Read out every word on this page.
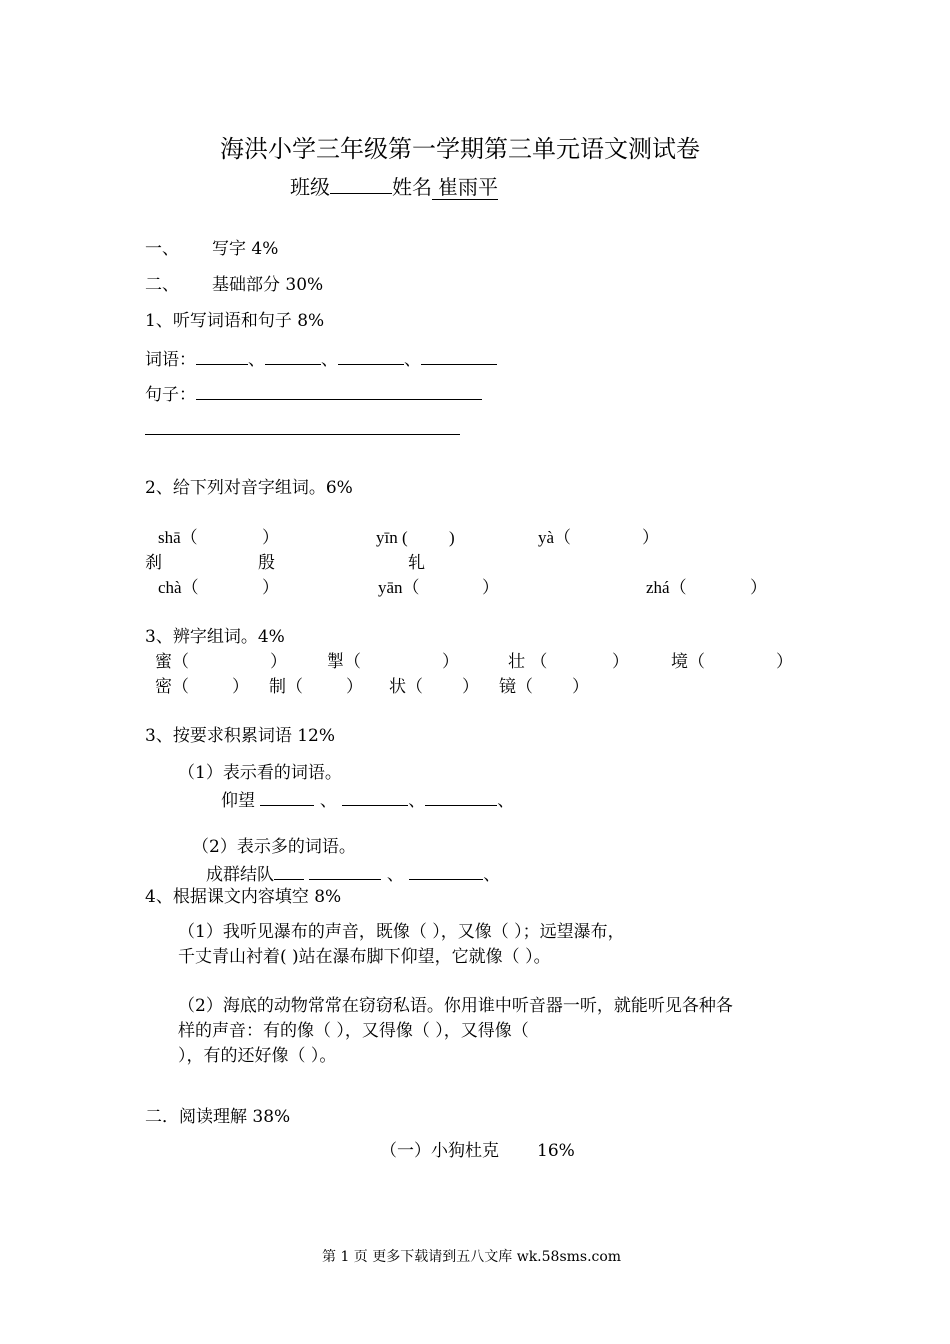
海洪小学三年级第一学期第三单元语文测试卷
班级	姓名 崔雨平
一、 写字 4%
二、 基础部分 30%
1、听写词语和句子 8%
词语：	、	、	、
句子：
2、给下列对音字组词。6%
shā（	）	yīn ( )	yà（	）
刹	殷	轧
chà（	）	yān（	）	zhá（	）
3、辨字组词。4%
蜜（	） 掣（	）	壮 （	） 境（	）
密（	） 制（	） 状（ ） 镜（ ）
3、按要求积累词语 12%
（1）表示看的词语。
仰望	、	、	、
（2）表示多的词语。
成群结队	、	、
4、根据课文内容填空 8%
（1）我听见瀑布的声音，既像（ ），又像（ ）；远望瀑布，
千丈青山衬着( )站在瀑布脚下仰望，它就像（ ）。
（2）海底的动物常常在窃窃私语。你用谁中听音器一听，就能听见各种各
样的声音：有的像（ ），又得像（ ），又得像（
），有的还好像（ ）。
二．阅读理解 38%
（一）小狗杜克 16%
第 1 页 更多下载请到五八文库 wk.58sms.com
